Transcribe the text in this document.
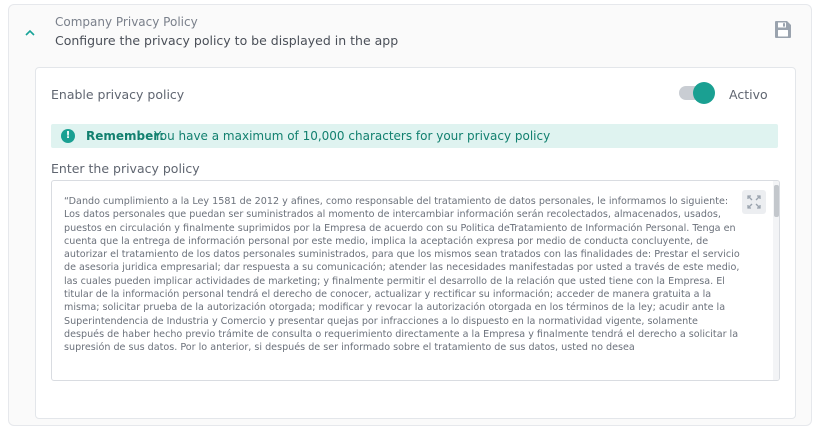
Company Privacy Policy
Configure the privacy policy to be displayed in the app
Enable privacy policy	Activo
!	Remember:
You have a maximum of 10,000 characters for your privacy policy
Enter the privacy policy
“Dando cumplimiento a la Ley 1581 de 2012 y afines, como responsable del tratamiento de datos personales, le informamos lo siguiente: Los datos personales que puedan ser suministrados al momento de intercambiar información serán recolectados, almacenados, usados, puestos en circulación y finalmente suprimidos por la Empresa de acuerdo con su Politica deTratamiento de Información Personal. Tenga en cuenta que la entrega de información personal por este medio, implica la aceptación expresa por medio de conducta concluyente, de autorizar el tratamiento de los datos personales suministrados, para que los mismos sean tratados con las finalidades de: Prestar el servicio de asesoria juridica empresarial; dar respuesta a su comunicación; atender las necesidades manifestadas por usted a través de este medio, las cuales pueden implicar actividades de marketing; y finalmente permitir el desarrollo de la relación que usted tiene con la Empresa. El titular de la información personal tendrá el derecho de conocer, actualizar y rectificar su información; acceder de manera gratuita a la misma; solicitar prueba de la autorización otorgada; modificar y revocar la autorización otorgada en los términos de la ley; acudir ante la Superintendencia de Industria y Comercio y presentar quejas por infracciones a lo dispuesto en la normatividad vigente, solamente después de haber hecho previo trámite de consulta o requerimiento directamente a la Empresa y finalmente tendrá el derecho a solicitar la supresión de sus datos. Por lo anterior, si después de ser informado sobre el tratamiento de sus datos, usted no desea
